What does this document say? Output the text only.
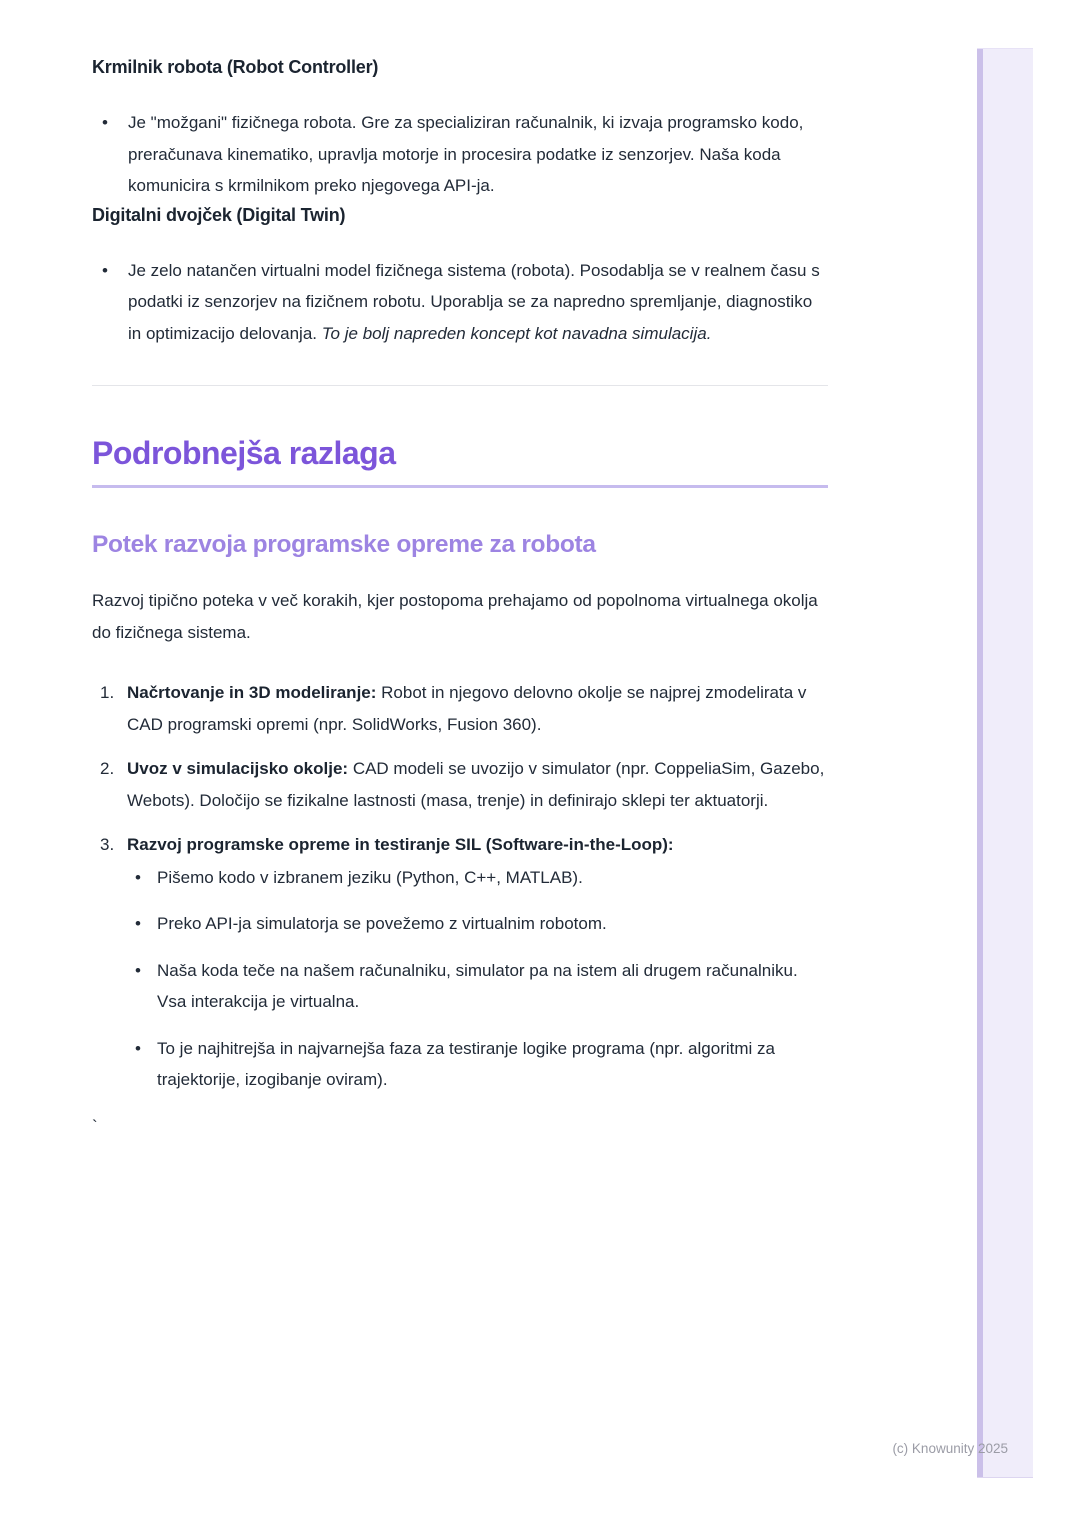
(c) Knowunity 2025
Krmilnik robota (Robot Controller)
• Je "možgani" fizičnega robota. Gre za specializiran računalnik, ki izvaja programsko kodo, preračunava kinematiko, upravlja motorje in procesira podatke iz senzorjev. Naša koda komunicira s krmilnikom preko njegovega API-ja.
Digitalni dvojček (Digital Twin)
• Je zelo natančen virtualni model fizičnega sistema (robota). Posodablja se v realnem času s podatki iz senzorjev na fizičnem robotu. Uporablja se za napredno spremljanje, diagnostiko in optimizacijo delovanja. To je bolj napreden koncept kot navadna simulacija.
Podrobnejša razlaga
Potek razvoja programske opreme za robota

Razvoj tipično poteka v več korakih, kjer postopoma prehajamo od popolnoma virtualnega okolja do fizičnega sistema.

1. Načrtovanje in 3D modeliranje: Robot in njegovo delovno okolje se najprej zmodelirata v CAD programski opremi (npr. SolidWorks, Fusion 360).
2. Uvoz v simulacijsko okolje: CAD modeli se uvozijo v simulator (npr. CoppeliaSim, Gazebo, Webots). Določijo se fizikalne lastnosti (masa, trenje) in definirajo sklepi ter aktuatorji.
3. Razvoj programske opreme in testiranje SIL (Software-in-the-Loop):
• Pišemo kodo v izbranem jeziku (Python, C++, MATLAB).
• Preko API-ja simulatorja se povežemo z virtualnim robotom.
• Naša koda teče na našem računalniku, simulator pa na istem ali drugem računalniku. Vsa interakcija je virtualna.
• To je najhitrejša in najvarnejša faza za testiranje logike programa (npr. algoritmi za trajektorije, izogibanje oviram).

`
